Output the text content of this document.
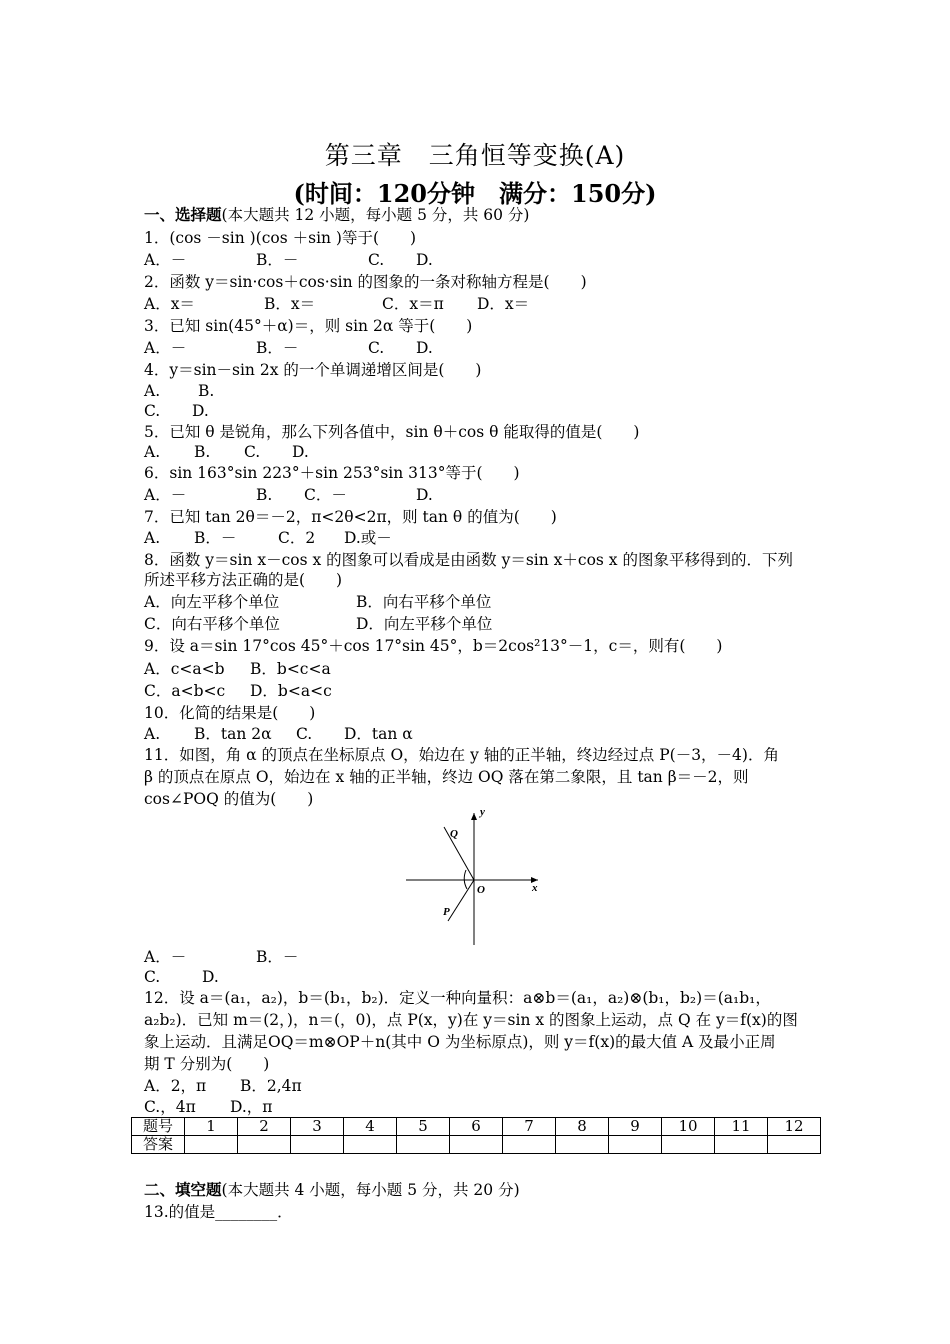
第三章　三角恒等变换(A)
(时间：120分钟　满分：150分)
一、选择题(本大题共 12 小题，每小题 5 分，共 60 分)
1．(cos －sin )(cos ＋sin )等于(　　)
A．－	B．－	C. D.
2．函数 y＝sin·cos＋cos·sin 的图象的一条对称轴方程是(　　)
A．x＝	B．x＝	C．x＝π D．x＝
3．已知 sin(45°＋α)＝，则 sin 2α 等于(　　)
A．－	B．－	C. D.
4．y＝sin－sin 2x 的一个单调递增区间是(　　)
A. B.
C. D.
5．已知 θ 是锐角，那么下列各值中，sin θ＋cos θ 能取得的值是(　　)
A. B. C. D.
6．sin 163°sin 223°＋sin 253°sin 313°等于(　　)
A．－	B. C．－	D.
7．已知 tan 2θ＝－2，π<2θ<2π，则 tan θ 的值为(　　)
A. B．－	C．2 D.或－
8．函数 y＝sin x－cos x 的图象可以看成是由函数 y＝sin x＋cos x 的图象平移得到的．下列
所述平移方法正确的是(　　)
A．向左平移个单位	B．向右平移个单位
C．向右平移个单位	D．向左平移个单位
9．设 a＝sin 17°cos 45°＋cos 17°sin 45°，b＝2cos²13°－1，c＝，则有(　　)
A．c<a<b B．b<c<a
C．a<b<c D．b<a<c
10．化简的结果是(　　)
A. B．tan 2α C. D．tan α
11．如图，角 α 的顶点在坐标原点 O，始边在 y 轴的正半轴，终边经过点 P(－3，－4)．角
β 的顶点在原点 O，始边在 x 轴的正半轴，终边 OQ 落在第二象限，且 tan β＝－2，则
cos∠POQ 的值为(　　)
y
x
O
Q
P
A．－	B．－
C.	D.
12．设 a＝(a₁，a₂)，b＝(b₁，b₂)．定义一种向量积：a⊗b＝(a₁，a₂)⊗(b₁，b₂)＝(a₁b₁，
a₂b₂)．已知 m＝(2，)，n＝(，0)，点 P(x，y)在 y＝sin x 的图象上运动，点 Q 在 y＝f(x)的图
象上运动．且满足OQ＝m⊗OP＋n(其中 O 为坐标原点)，则 y＝f(x)的最大值 A 及最小正周
期 T 分别为(　　)
A．2，π B．2,4π
C.，4π D.，π
题号	1	2	3	4	5	6	7	8	9	10	11	12
答案												
二、填空题(本大题共 4 小题，每小题 5 分，共 20 分)
13.的值是________．
